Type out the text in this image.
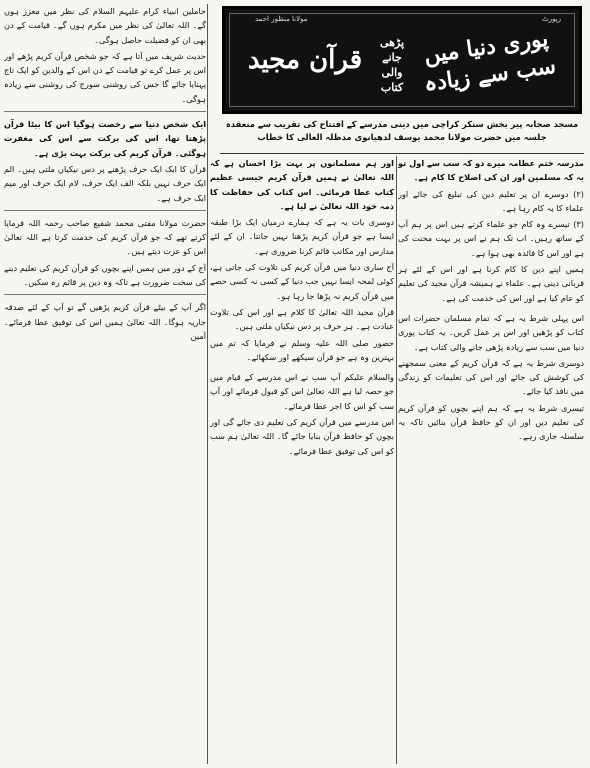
رپورٹ
مولانا منظور احمد
پوری دنیا میں سب سے زیادہ
پڑھی
جانے
والی
کتاب
قرآن مجید
مسجد صحابہ پیر بخش سنکر کراچی میں دینی مدرسے کے افتتاح کی تقریب سے منعقدہ جلسہ میں حضرت مولانا محمد یوسف لدھیانوی مدظلہ العالی کا خطاب

مدرسہ ختم عظامہ میرے دو کہ سب سے اول تو یہ کہ مسلمین اور ان کی اصلاح کا کام ہے۔

(۲) دوسرے ان پر تعلیم دین کی تبلیغ کی جائے اور علماء کا یہ کام رہا ہے۔

(۳) تیسرے وہ کام جو علماء کرتے ہیں اس پر ہم آپ کے ساتھ رہیں۔ اب تک ہم نے اس پر بہت محنت کی ہے اور اس کا فائدہ بھی ہوا ہے۔

ہمیں اپنے دین کا کام کرنا ہے اور اس کے لئے ہر قربانی دینی ہے۔ علماء نے ہمیشہ قرآن مجید کی تعلیم کو عام کیا ہے اور اس کی خدمت کی ہے۔

اس پہلی شرط یہ ہے کہ تمام مسلمان حضرات اس کتاب کو پڑھیں اور اس پر عمل کریں۔ یہ کتاب پوری دنیا میں سب سے زیادہ پڑھی جانے والی کتاب ہے۔

دوسری شرط یہ ہے کہ قرآن کریم کے معنی سمجھنے کی کوشش کی جائے اور اس کی تعلیمات کو زندگی میں نافذ کیا جائے۔

تیسری شرط یہ ہے کہ ہم اپنے بچوں کو قرآن کریم کی تعلیم دیں اور ان کو حافظ قرآن بنائیں تاکہ یہ سلسلہ جاری رہے۔

اور ہم مسلمانوں پر بہت بڑا احسان ہے کہ اللہ تعالیٰ نے ہمیں قرآن کریم جیسی عظیم کتاب عطا فرمائی۔ اس کتاب کی حفاظت کا ذمہ خود اللہ تعالیٰ نے لیا ہے۔

دوسری بات یہ ہے کہ ہمارے درمیان ایک بڑا طبقہ ایسا ہے جو قرآن کریم پڑھنا نہیں جانتا۔ ان کے لئے مدارس اور مکاتب قائم کرنا ضروری ہے۔

آج ساری دنیا میں قرآن کریم کی تلاوت کی جاتی ہے، کوئی لمحہ ایسا نہیں جب دنیا کے کسی نہ کسی حصے میں قرآن کریم نہ پڑھا جا رہا ہو۔

قرآن مجید اللہ تعالیٰ کا کلام ہے اور اس کی تلاوت عبادت ہے۔ ہر حرف پر دس نیکیاں ملتی ہیں۔

حضور صلی اللہ علیہ وسلم نے فرمایا کہ تم میں بہترین وہ ہے جو قرآن سیکھے اور سکھائے۔

والسلام علیکم آپ سب نے اس مدرسے کے قیام میں جو حصہ لیا ہے اللہ تعالیٰ اس کو قبول فرمائے اور آپ سب کو اس کا اجر عطا فرمائے۔

اس مدرسے میں قرآن کریم کی تعلیم دی جائے گی اور بچوں کو حافظ قرآن بنایا جائے گا۔ اللہ تعالیٰ ہم سب کو اس کی توفیق عطا فرمائے۔

حاملین انبیاء کرام علیہم السلام کی نظر میں معزز ہوں گے۔ اللہ تعالیٰ کی نظر میں مکرم ہوں گے۔ قیامت کے دن بھی ان کو فضیلت حاصل ہوگی۔

حدیث شریف میں آتا ہے کہ جو شخص قرآن کریم پڑھے اور اس پر عمل کرے تو قیامت کے دن اس کے والدین کو ایک تاج پہنایا جائے گا جس کی روشنی سورج کی روشنی سے زیادہ ہوگی۔

ایک شخص دنیا سے رخصت ہوگیا اس کا بیٹا قرآن پڑھتا تھا، اس کی برکت سے اس کی مغفرت ہوگئی۔ قرآن کریم کی برکت بہت بڑی ہے۔

قرآن کا ایک ایک حرف پڑھنے پر دس نیکیاں ملتی ہیں۔ الم ایک حرف نہیں بلکہ الف ایک حرف، لام ایک حرف اور میم ایک حرف ہے۔

حضرت مولانا مفتی محمد شفیع صاحب رحمہ اللہ فرمایا کرتے تھے کہ جو قرآن کریم کی خدمت کرتا ہے اللہ تعالیٰ اس کو عزت دیتے ہیں۔

آج کے دور میں ہمیں اپنے بچوں کو قرآن کریم کی تعلیم دینے کی سخت ضرورت ہے تاکہ وہ دین پر قائم رہ سکیں۔

اگر آپ کے بیٹے قرآن کریم پڑھیں گے تو آپ کے لئے صدقہ جاریہ ہوگا۔ اللہ تعالیٰ ہمیں اس کی توفیق عطا فرمائے۔ آمین
